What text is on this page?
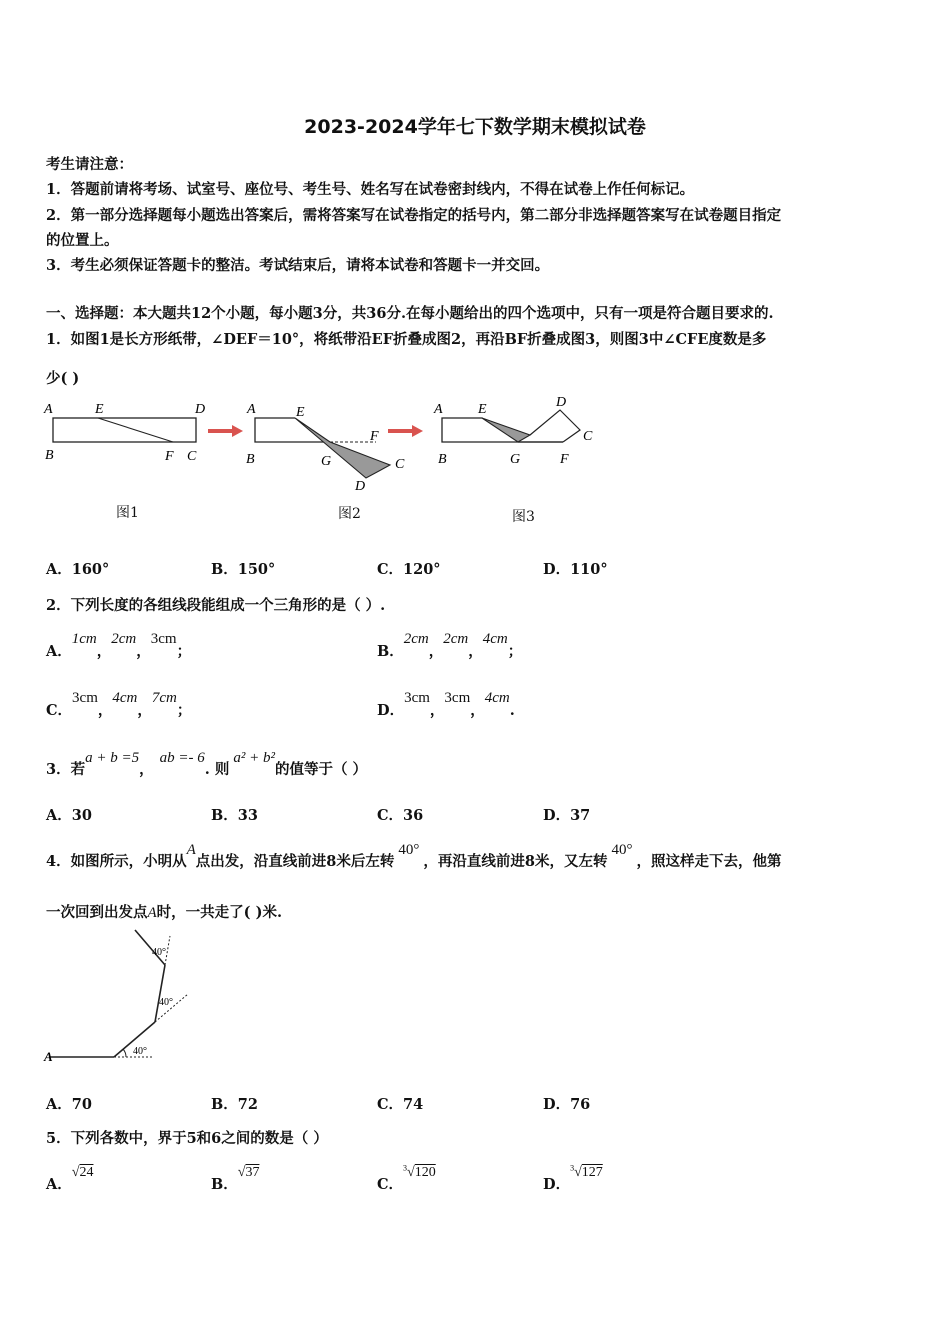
2023-2024学年七下数学期末模拟试卷
考生请注意：
1．答题前请将考场、试室号、座位号、考生号、姓名写在试卷密封线内，不得在试卷上作任何标记。
2．第一部分选择题每小题选出答案后，需将答案写在试卷指定的括号内，第二部分非选择题答案写在试卷题目指定
的位置上。
3．考生必须保证答题卡的整洁。考试结束后，请将本试卷和答题卡一并交回。
一、选择题：本大题共12个小题，每小题3分，共36分.在每小题给出的四个选项中，只有一项是符合题目要求的.
1．如图1是长方形纸带，∠DEF＝10°，将纸带沿EF折叠成图2，再沿BF折叠成图3，则图3中∠CFE度数是多
少( )
A	E	D
B	F C
A	E
F
B	G	C
D
A	E	D
C
B	G	F
图1	图2	图3
A．160°	B．150°	C．120°	D．110°
2．下列长度的各组线段能组成一个三角形的是（ ）.
A．1cm，2cm，3cm；	B．2cm，2cm，4cm；
C．3cm，4cm，7cm；	D．3cm，3cm，4cm.
3．若a + b =5，ab =- 6. 则a² + b²的值等于（ ）
A．30	B．33	C．36	D．37
4．如图所示，小明从A点出发，沿直线前进8米后左转40°，再沿直线前进8米，又左转40°，照这样走下去，他第
一次回到出发点A时，一共走了( )米.
A	40°
40°
40°
A．70	B．72	C．74	D．76
5．下列各数中，界于5和6之间的数是（ ）
A．√24
B．√37
C．$^3$√120
D．$^3$√127
